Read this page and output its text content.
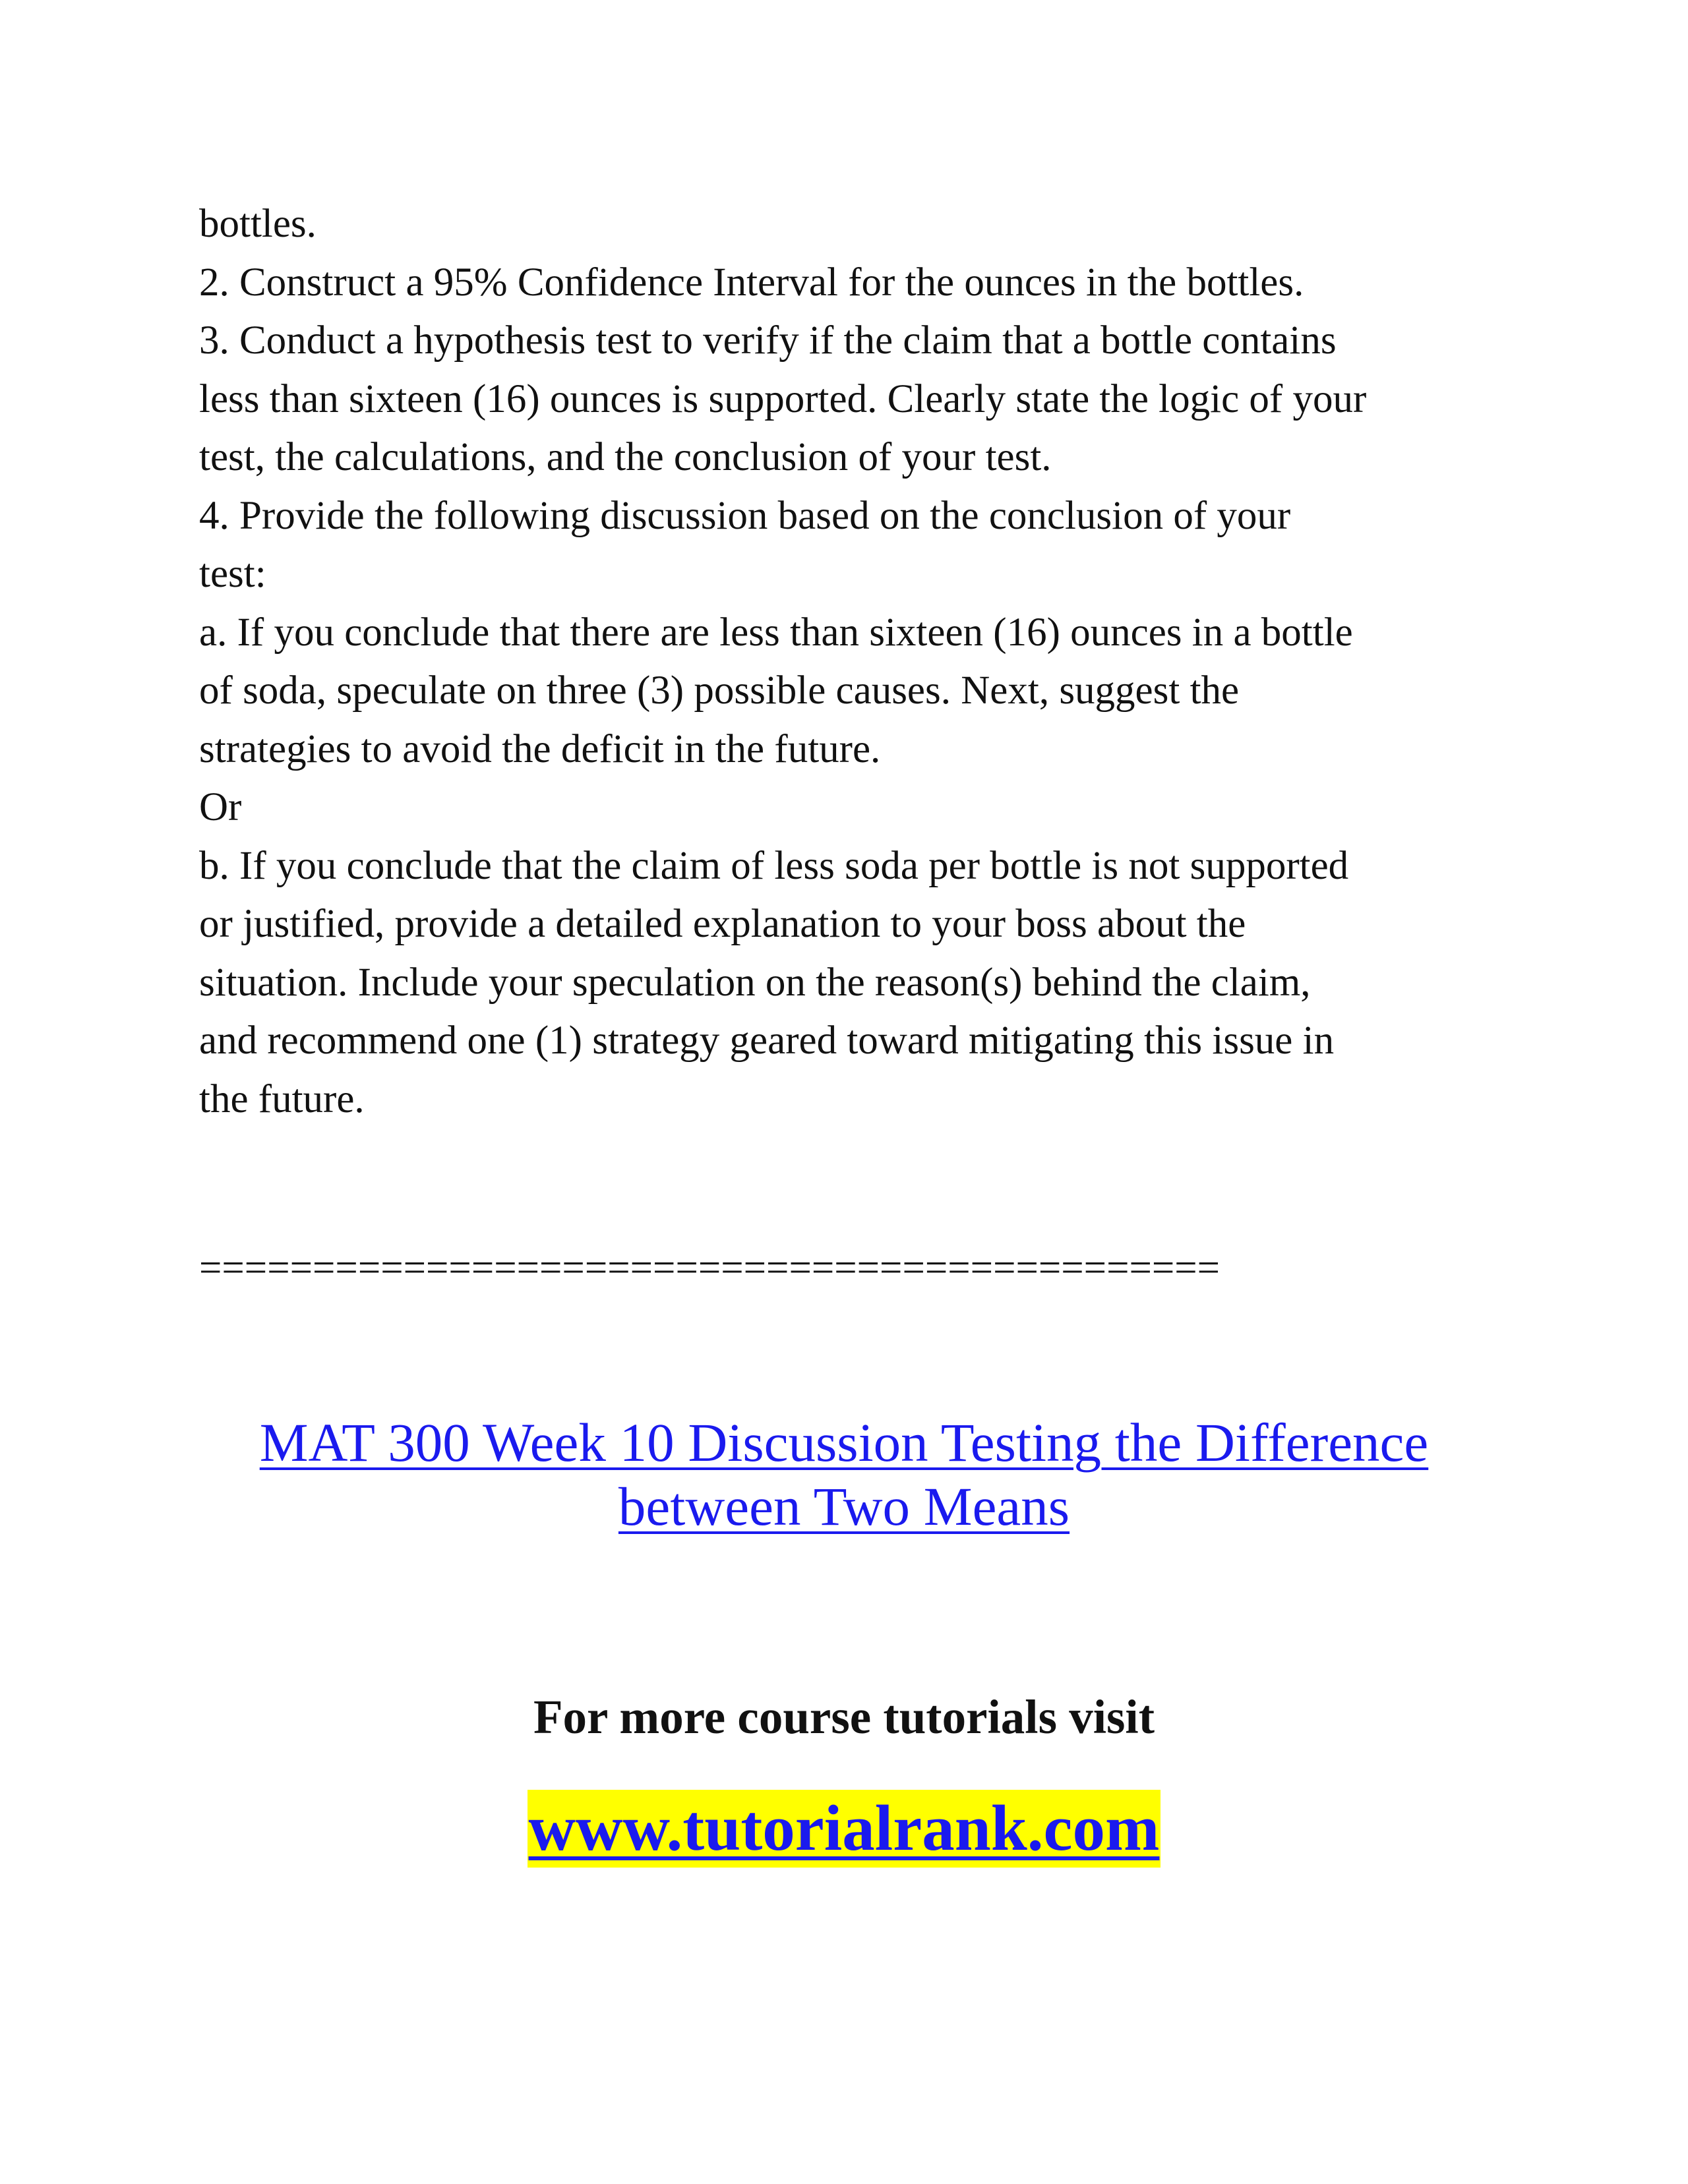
bottles.
2. Construct a 95% Confidence Interval for the ounces in the bottles.
3. Conduct a hypothesis test to verify if the claim that a bottle contains
less than sixteen (16) ounces is supported. Clearly state the logic of your
test, the calculations, and the conclusion of your test.
4. Provide the following discussion based on the conclusion of your
test:
a. If you conclude that there are less than sixteen (16) ounces in a bottle
of soda, speculate on three (3) possible causes. Next, suggest the
strategies to avoid the deficit in the future.
Or
b. If you conclude that the claim of less soda per bottle is not supported
or justified, provide a detailed explanation to your boss about the
situation. Include your speculation on the reason(s) behind the claim,
and recommend one (1) strategy geared toward mitigating this issue in
the future.
=============================================
MAT 300 Week 10 Discussion Testing the Difference
between Two Means
For more course tutorials visit
www.tutorialrank.com
